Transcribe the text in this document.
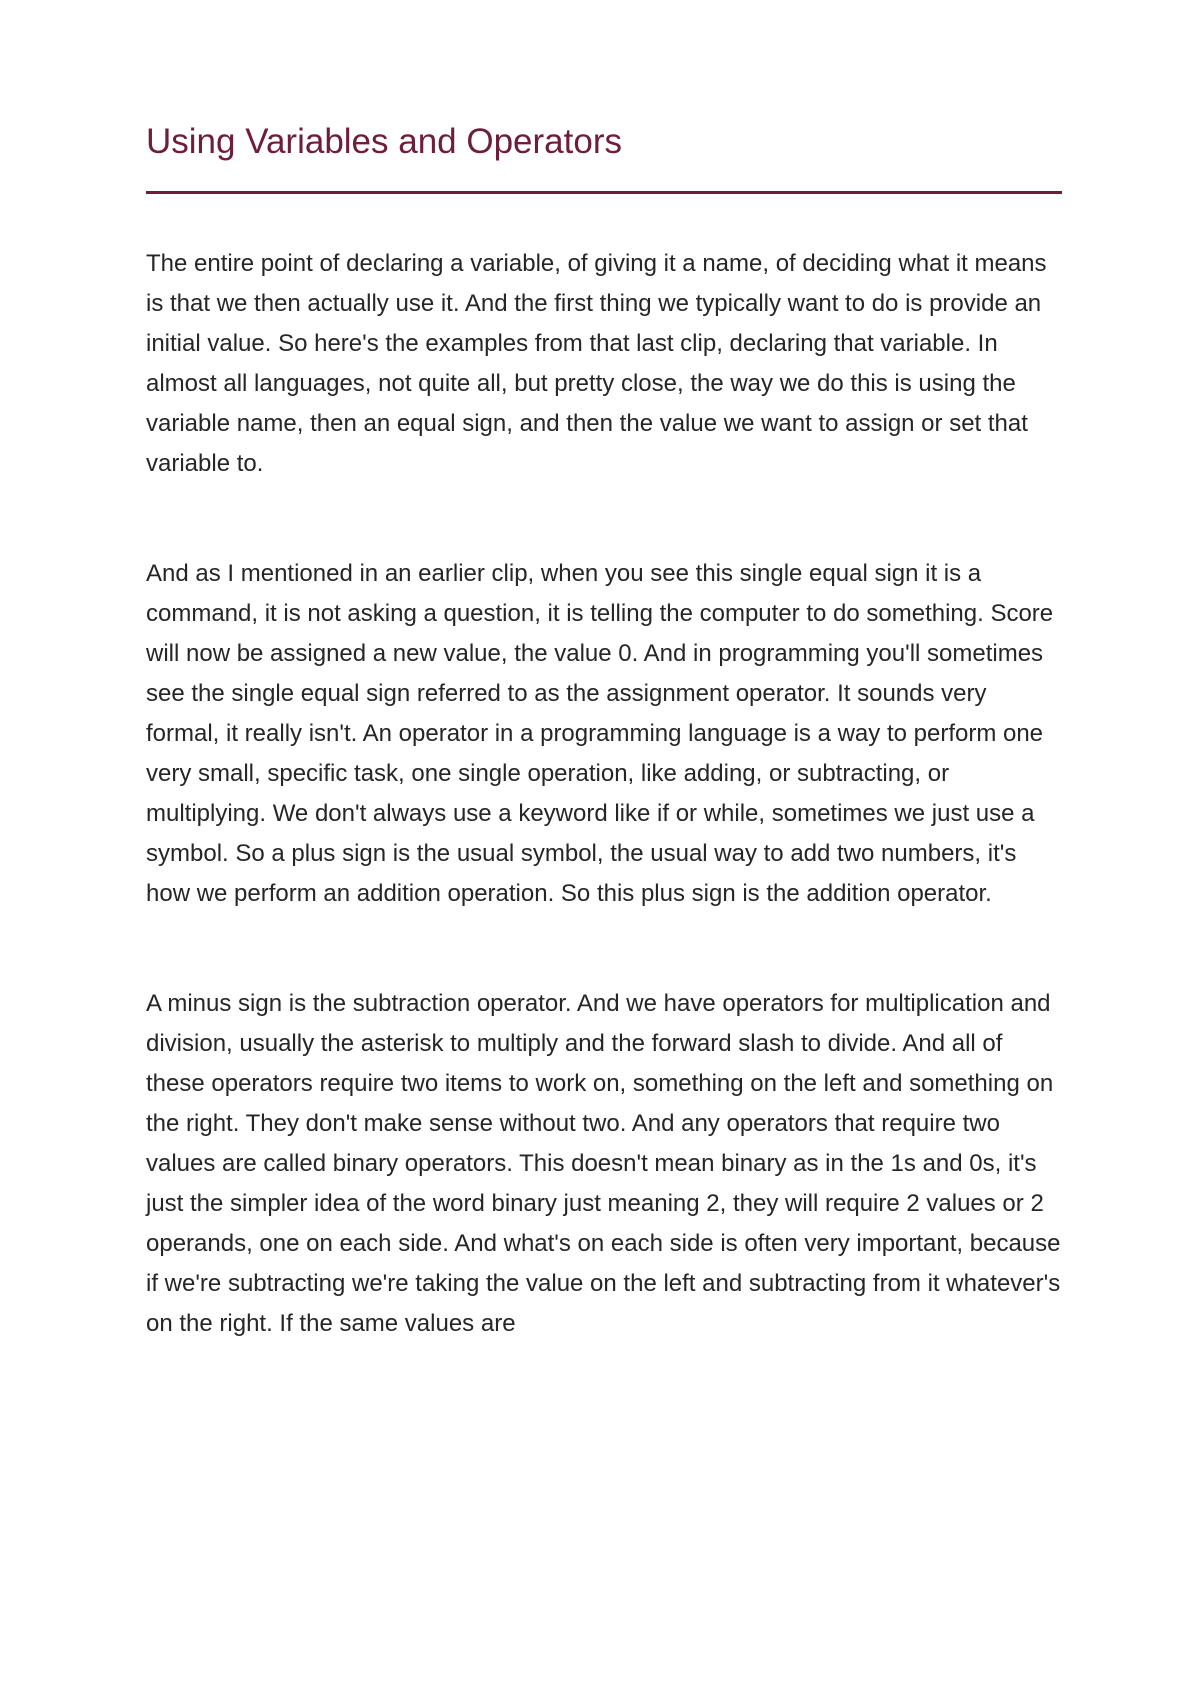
Using Variables and Operators

The entire point of declaring a variable, of giving it a name, of deciding what it means is that we then actually use it. And the first thing we typically want to do is provide an initial value. So here's the examples from that last clip, declaring that variable. In almost all languages, not quite all, but pretty close, the way we do this is using the variable name, then an equal sign, and then the value we want to assign or set that variable to.

And as I mentioned in an earlier clip, when you see this single equal sign it is a command, it is not asking a question, it is telling the computer to do something. Score will now be assigned a new value, the value 0. And in programming you'll sometimes see the single equal sign referred to as the assignment operator. It sounds very formal, it really isn't. An operator in a programming language is a way to perform one very small, specific task, one single operation, like adding, or subtracting, or multiplying. We don't always use a keyword like if or while, sometimes we just use a symbol. So a plus sign is the usual symbol, the usual way to add two numbers, it's how we perform an addition operation. So this plus sign is the addition operator.

A minus sign is the subtraction operator. And we have operators for multiplication and division, usually the asterisk to multiply and the forward slash to divide. And all of these operators require two items to work on, something on the left and something on the right. They don't make sense without two. And any operators that require two values are called binary operators. This doesn't mean binary as in the 1s and 0s, it's just the simpler idea of the word binary just meaning 2, they will require 2 values or 2 operands, one on each side. And what's on each side is often very important, because if we're subtracting we're taking the value on the left and subtracting from it whatever's on the right. If the same values are
